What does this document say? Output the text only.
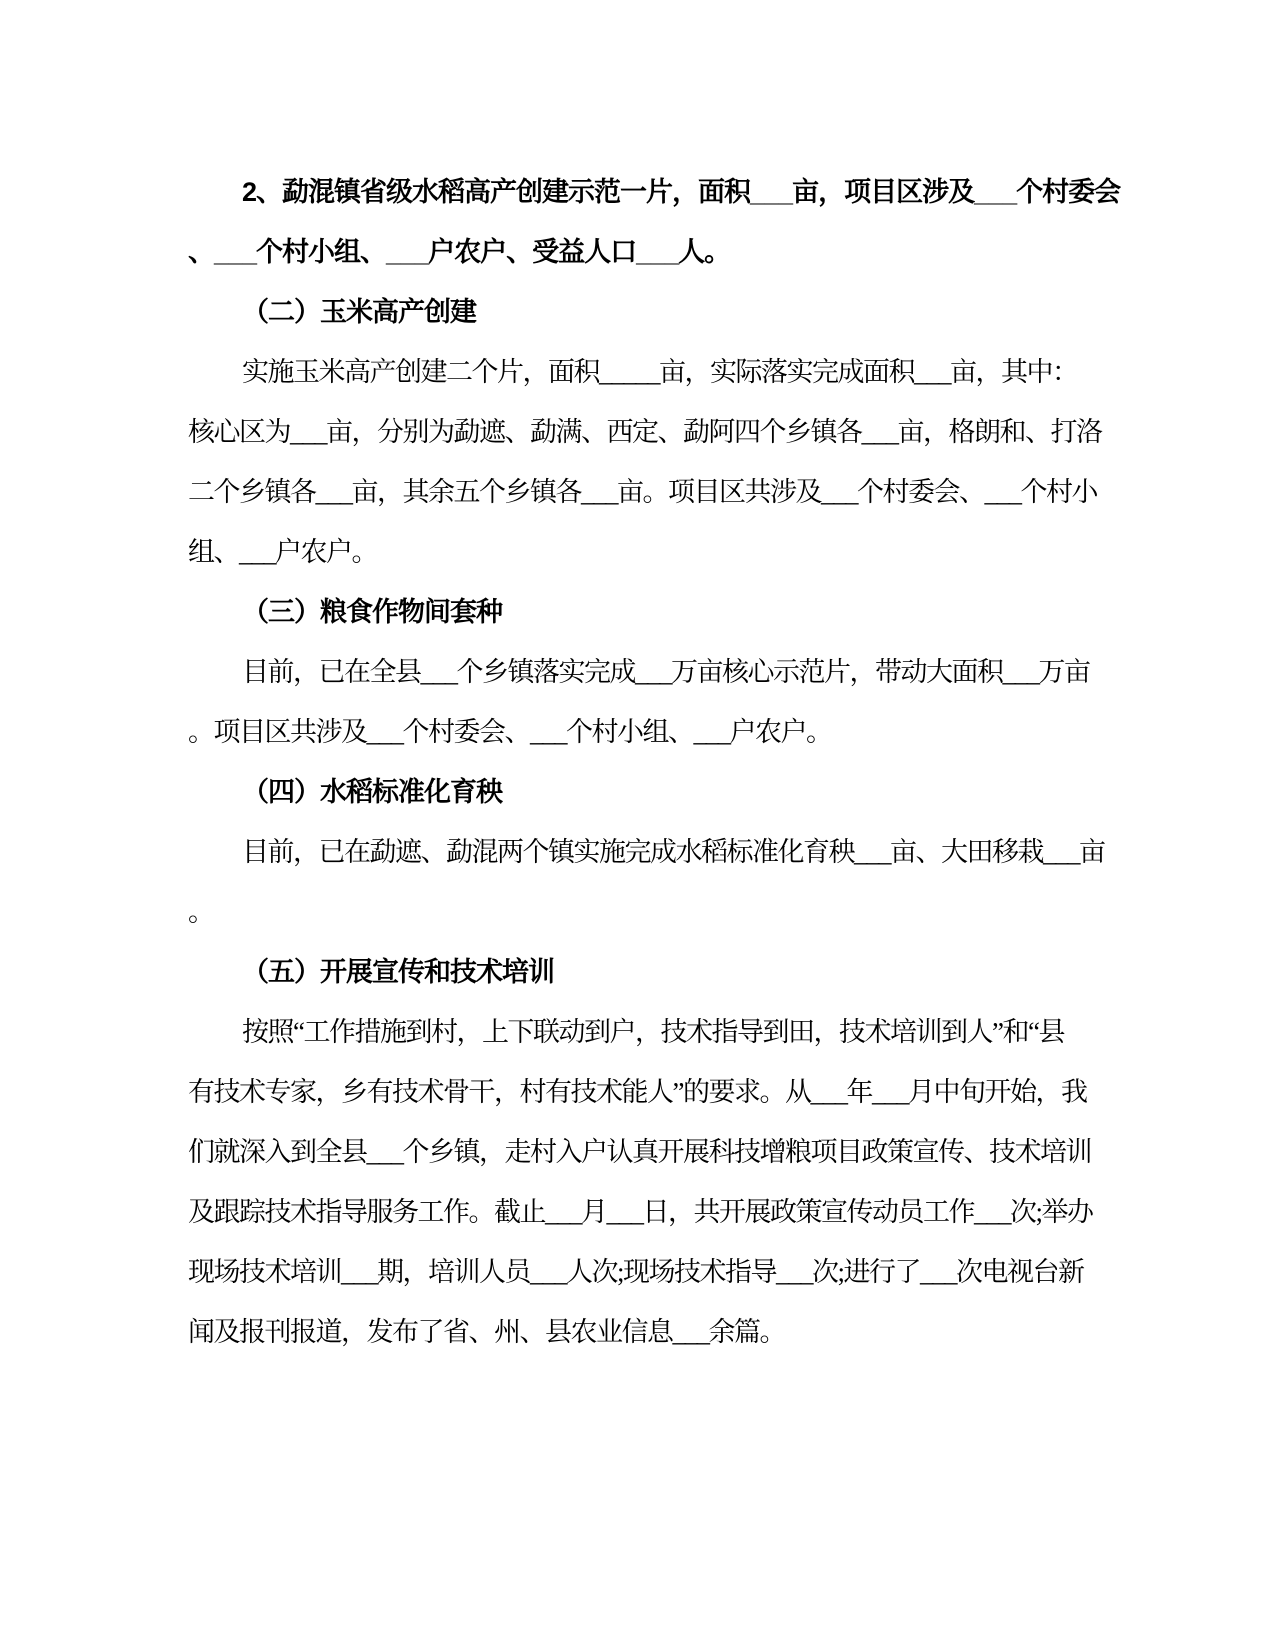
2、勐混镇省级水稻高产创建示范一片，面积___亩，项目区涉及___个村委会
、___个村小组、___户农户、受益人口___人。
（二）玉米高产创建
实施玉米高产创建二个片，面积_____亩，实际落实完成面积___亩，其中：
核心区为___亩，分别为勐遮、勐满、西定、勐阿四个乡镇各___亩，格朗和、打洛
二个乡镇各___亩，其余五个乡镇各___亩。项目区共涉及___个村委会、___个村小
组、___户农户。
（三）粮食作物间套种
目前，已在全县___个乡镇落实完成___万亩核心示范片，带动大面积___万亩
。项目区共涉及___个村委会、___个村小组、___户农户。
（四）水稻标准化育秧
目前，已在勐遮、勐混两个镇实施完成水稻标准化育秧___亩、大田移栽___亩
。
（五）开展宣传和技术培训
按照“工作措施到村，上下联动到户，技术指导到田，技术培训到人”和“县
有技术专家，乡有技术骨干，村有技术能人”的要求。从___年___月中旬开始，我
们就深入到全县___个乡镇，走村入户认真开展科技增粮项目政策宣传、技术培训
及跟踪技术指导服务工作。截止___月___日，共开展政策宣传动员工作___次;举办
现场技术培训___期，培训人员___人次;现场技术指导___次;进行了___次电视台新
闻及报刊报道，发布了省、州、县农业信息___余篇。
